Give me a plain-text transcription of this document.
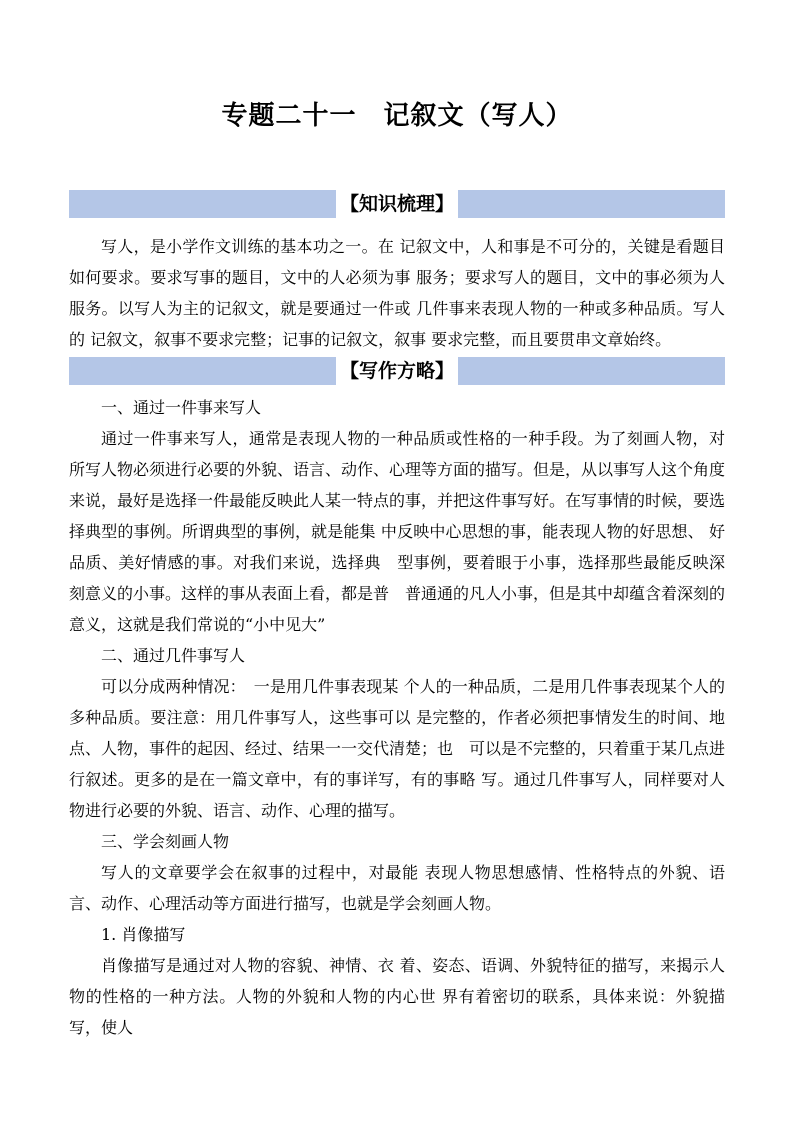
专题二十一　记叙文（写人）
【知识梳理】

写人，是小学作文训练的基本功之一。在 记叙文中，人和事是不可分的，关键是看题目如何要求。要求写事的题目，文中的人必须为事 服务；要求写人的题目，文中的事必须为人服务。以写人为主的记叙文，就是要通过一件或 几件事来表现人物的一种或多种品质。写人的 记叙文，叙事不要求完整；记事的记叙文，叙事 要求完整，而且要贯串文章始终。

【写作方略】

一、通过一件事来写人

通过一件事来写人，通常是表现人物的一种品质或性格的一种手段。为了刻画人物，对 所写人物必须进行必要的外貌、语言、动作、心理等方面的描写。但是，从以事写人这个角度 来说，最好是选择一件最能反映此人某一特点的事，并把这件事写好。在写事情的时候，要选择典型的事例。所谓典型的事例，就是能集 中反映中心思想的事，能表现人物的好思想、 好品质、美好情感的事。对我们来说，选择典　型事例，要着眼于小事，选择那些最能反映深 刻意义的小事。这样的事从表面上看，都是普　普通通的凡人小事，但是其中却蕴含着深刻的意义，这就是我们常说的“小中见大”

二、通过几件事写人

可以分成两种情况：　一是用几件事表现某 个人的一种品质，二是用几件事表现某个人的多种品质。要注意：用几件事写人，这些事可以 是完整的，作者必须把事情发生的时间、地点、人物，事件的起因、经过、结果一一交代清楚；也　可以是不完整的，只着重于某几点进行叙述。更多的是在一篇文章中，有的事详写，有的事略 写。通过几件事写人，同样要对人物进行必要的外貌、语言、动作、心理的描写。

三、学会刻画人物

写人的文章要学会在叙事的过程中，对最能 表现人物思想感情、性格特点的外貌、语言、动作、心理活动等方面进行描写，也就是学会刻画人物。

1. 肖像描写

肖像描写是通过对人物的容貌、神情、衣 着、姿态、语调、外貌特征的描写，来揭示人物的性格的一种方法。人物的外貌和人物的内心世 界有着密切的联系，具体来说：外貌描写，使人
